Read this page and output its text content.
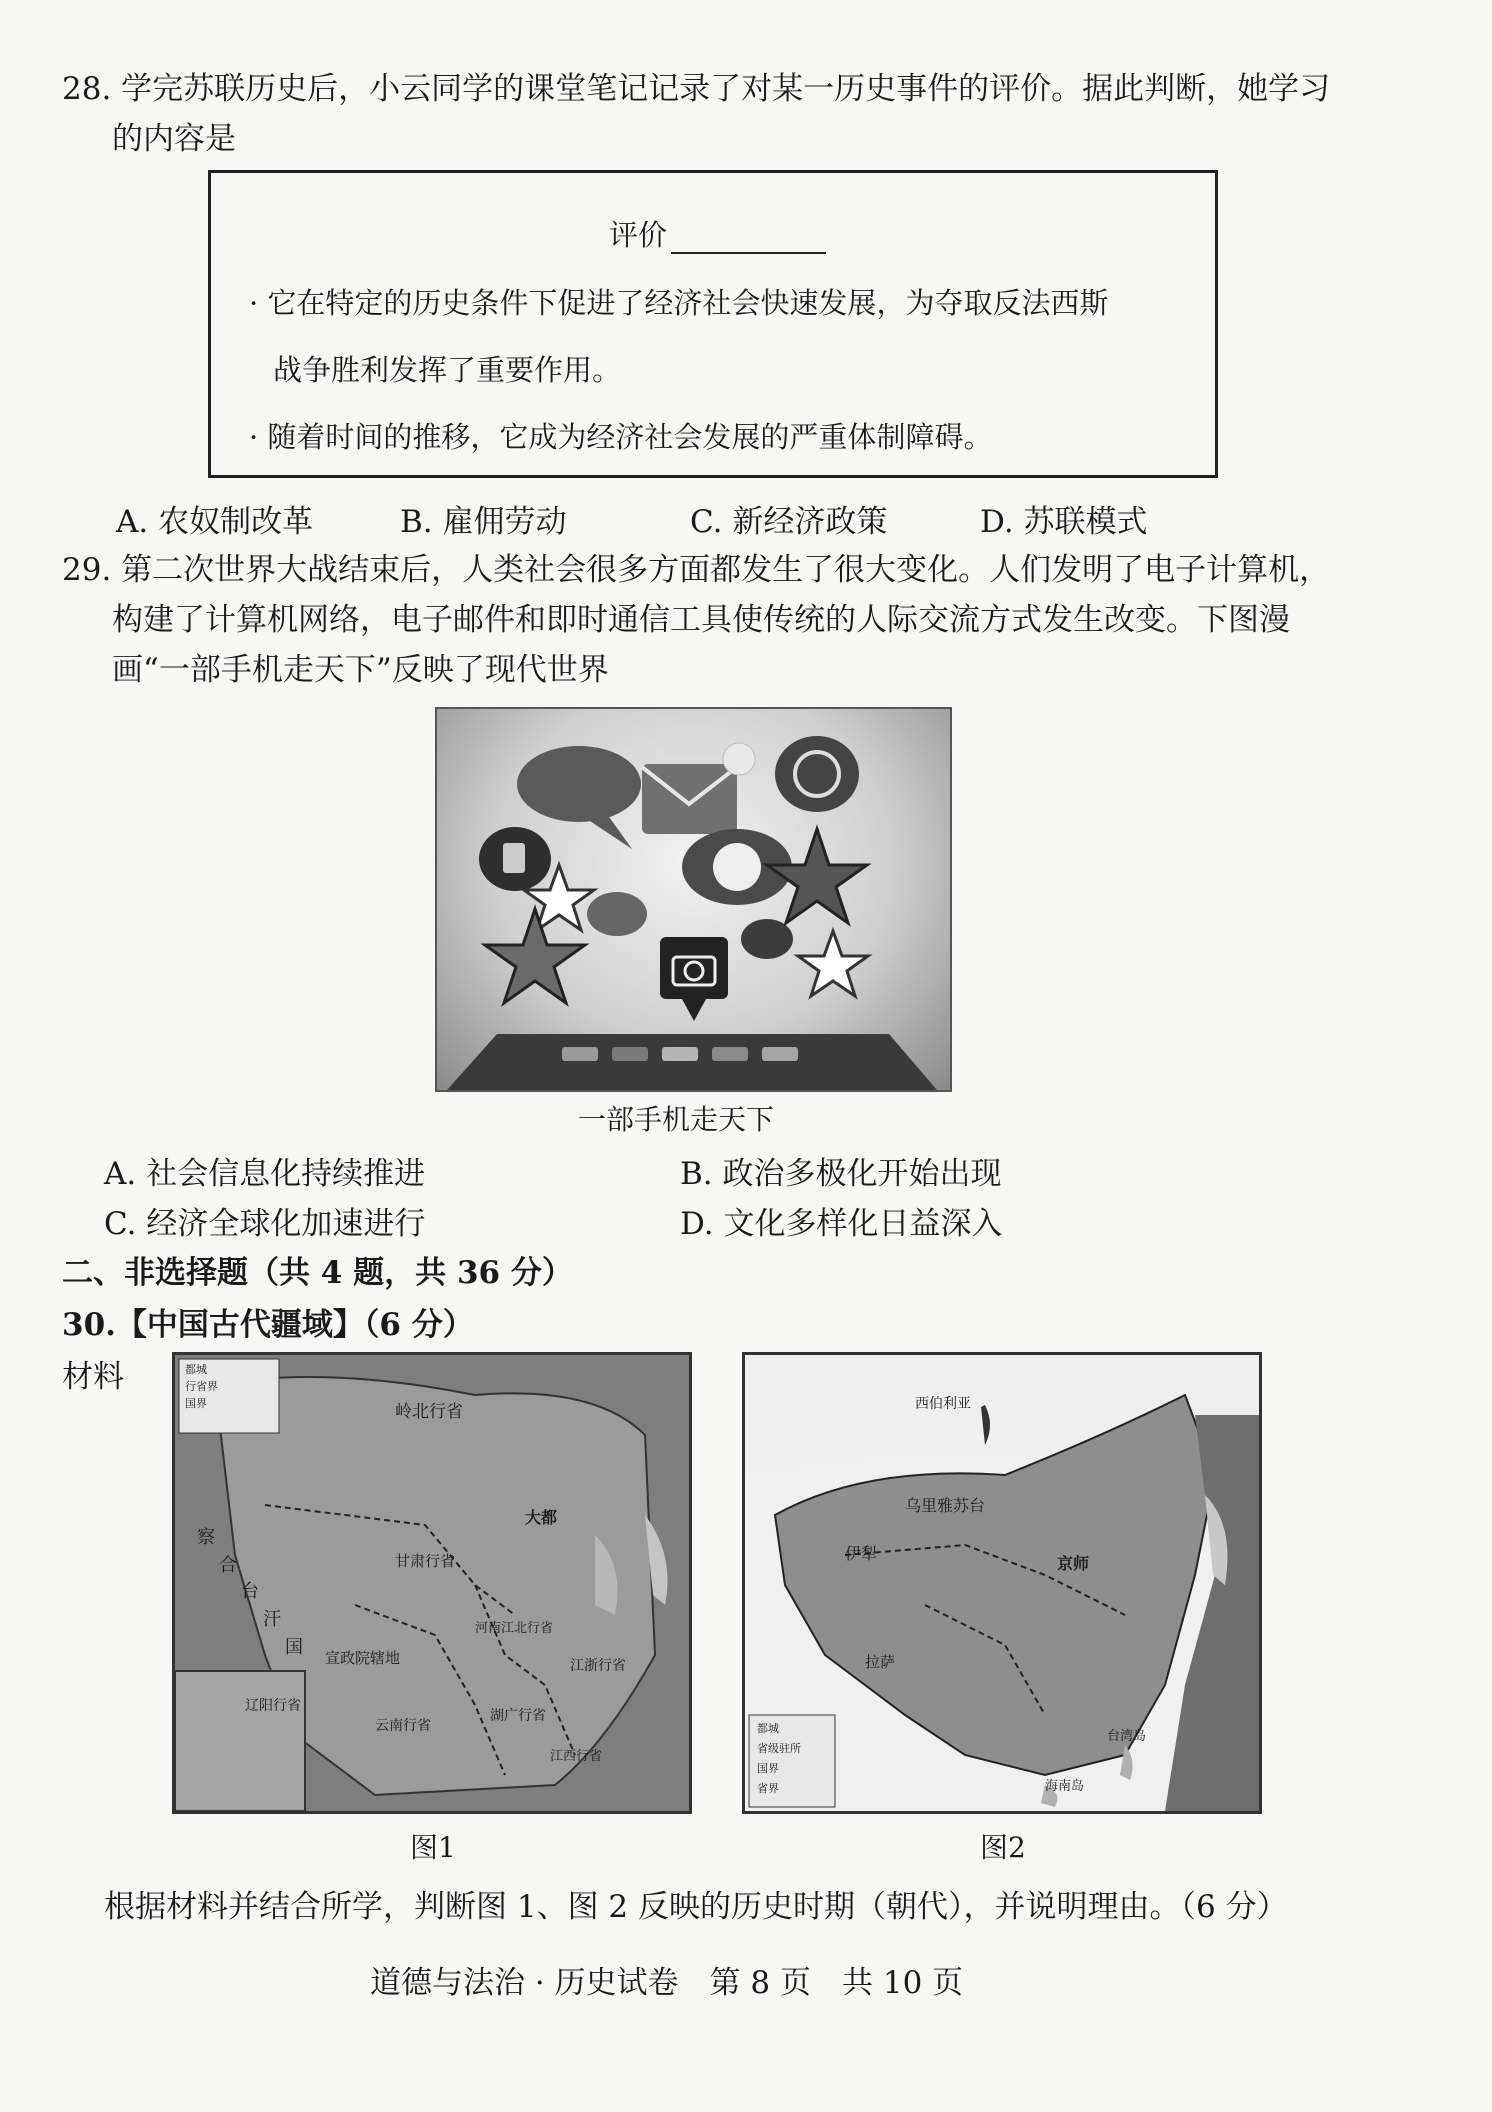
28. 学完苏联历史后，小云同学的课堂笔记记录了对某一历史事件的评价。据此判断，她学习
的内容是
评价
· 它在特定的历史条件下促进了经济社会快速发展，为夺取反法西斯
战争胜利发挥了重要作用。
· 随着时间的推移，它成为经济社会发展的严重体制障碍。
A. 农奴制改革	B. 雇佣劳动	C. 新经济政策	D. 苏联模式
29. 第二次世界大战结束后，人类社会很多方面都发生了很大变化。人们发明了电子计算机，
构建了计算机网络，电子邮件和即时通信工具使传统的人际交流方式发生改变。下图漫
画“一部手机走天下”反映了现代世界
一部手机走天下
A. 社会信息化持续推进	B. 政治多极化开始出现
C. 经济全球化加速进行	D. 文化多样化日益深入
二、非选择题（共 4 题，共 36 分）
30.【中国古代疆域】（6 分）
材料	都城
行省界
国界	岭北行省
察
合
台
汗
国
大都
甘肃行省
宣政院辖地
河南江北行省
江浙行省
湖广行省
江西行省
云南行省
辽阳行省
图1
西伯利亚
乌里雅苏台
伊犁
京师
拉萨
台湾岛
海南岛
都城
省级驻所
国界
省界
图2
根据材料并结合所学，判断图 1、图 2 反映的历史时期（朝代），并说明理由。（6 分）
道德与法治 · 历史试卷　第 8 页　共 10 页
